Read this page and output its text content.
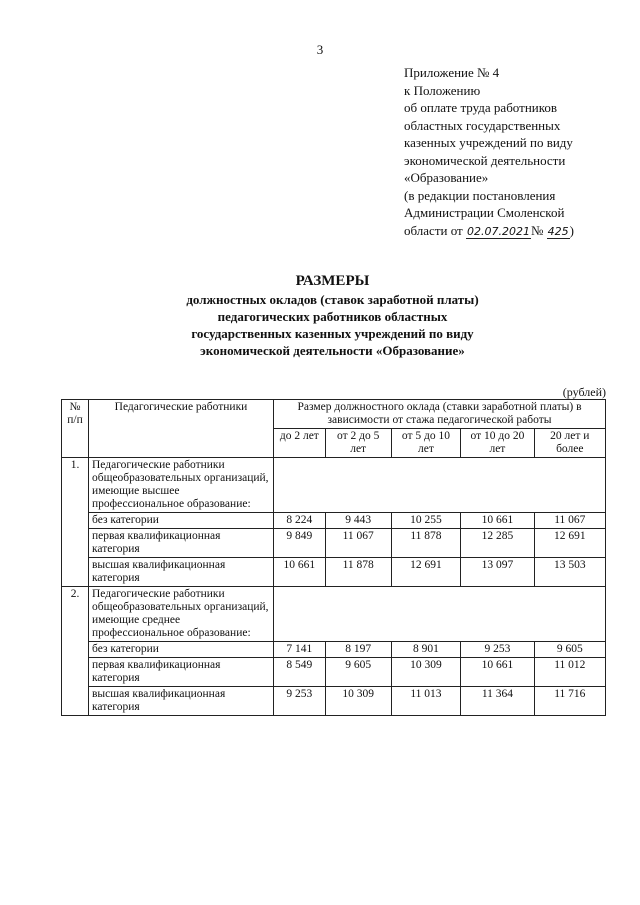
3
Приложение № 4
к Положению
об оплате труда работников
областных государственных
казенных учреждений по виду
экономической деятельности
«Образование»
(в редакции постановления
Администрации Смоленской
области от 02.07.2021№ 425)
РАЗМЕРЫ
должностных окладов (ставок заработной платы)
педагогических работников областных
государственных казенных учреждений по виду
экономической деятельности «Образование»
(рублей)
№ п/п	Педагогические работники	Размер должностного оклада (ставки заработной платы) в зависимости от стажа педагогической работы				
		до 2 лет	от 2 до 5 лет	от 5 до 10 лет	от 10 до 20 лет	20 лет и более
1.	Педагогические работники общеобразовательных организаций, имеющие высшее профессиональное образование:					
	без категории	8 224	9 443	10 255	10 661	11 067
	первая квалификационная категория	9 849	11 067	11 878	12 285	12 691
	высшая квалификационная категория	10 661	11 878	12 691	13 097	13 503
2.	Педагогические работники общеобразовательных организаций, имеющие среднее профессиональное образование:					
	без категории	7 141	8 197	8 901	9 253	9 605
	первая квалификационная категория	8 549	9 605	10 309	10 661	11 012
	высшая квалификационная категория	9 253	10 309	11 013	11 364	11 716
